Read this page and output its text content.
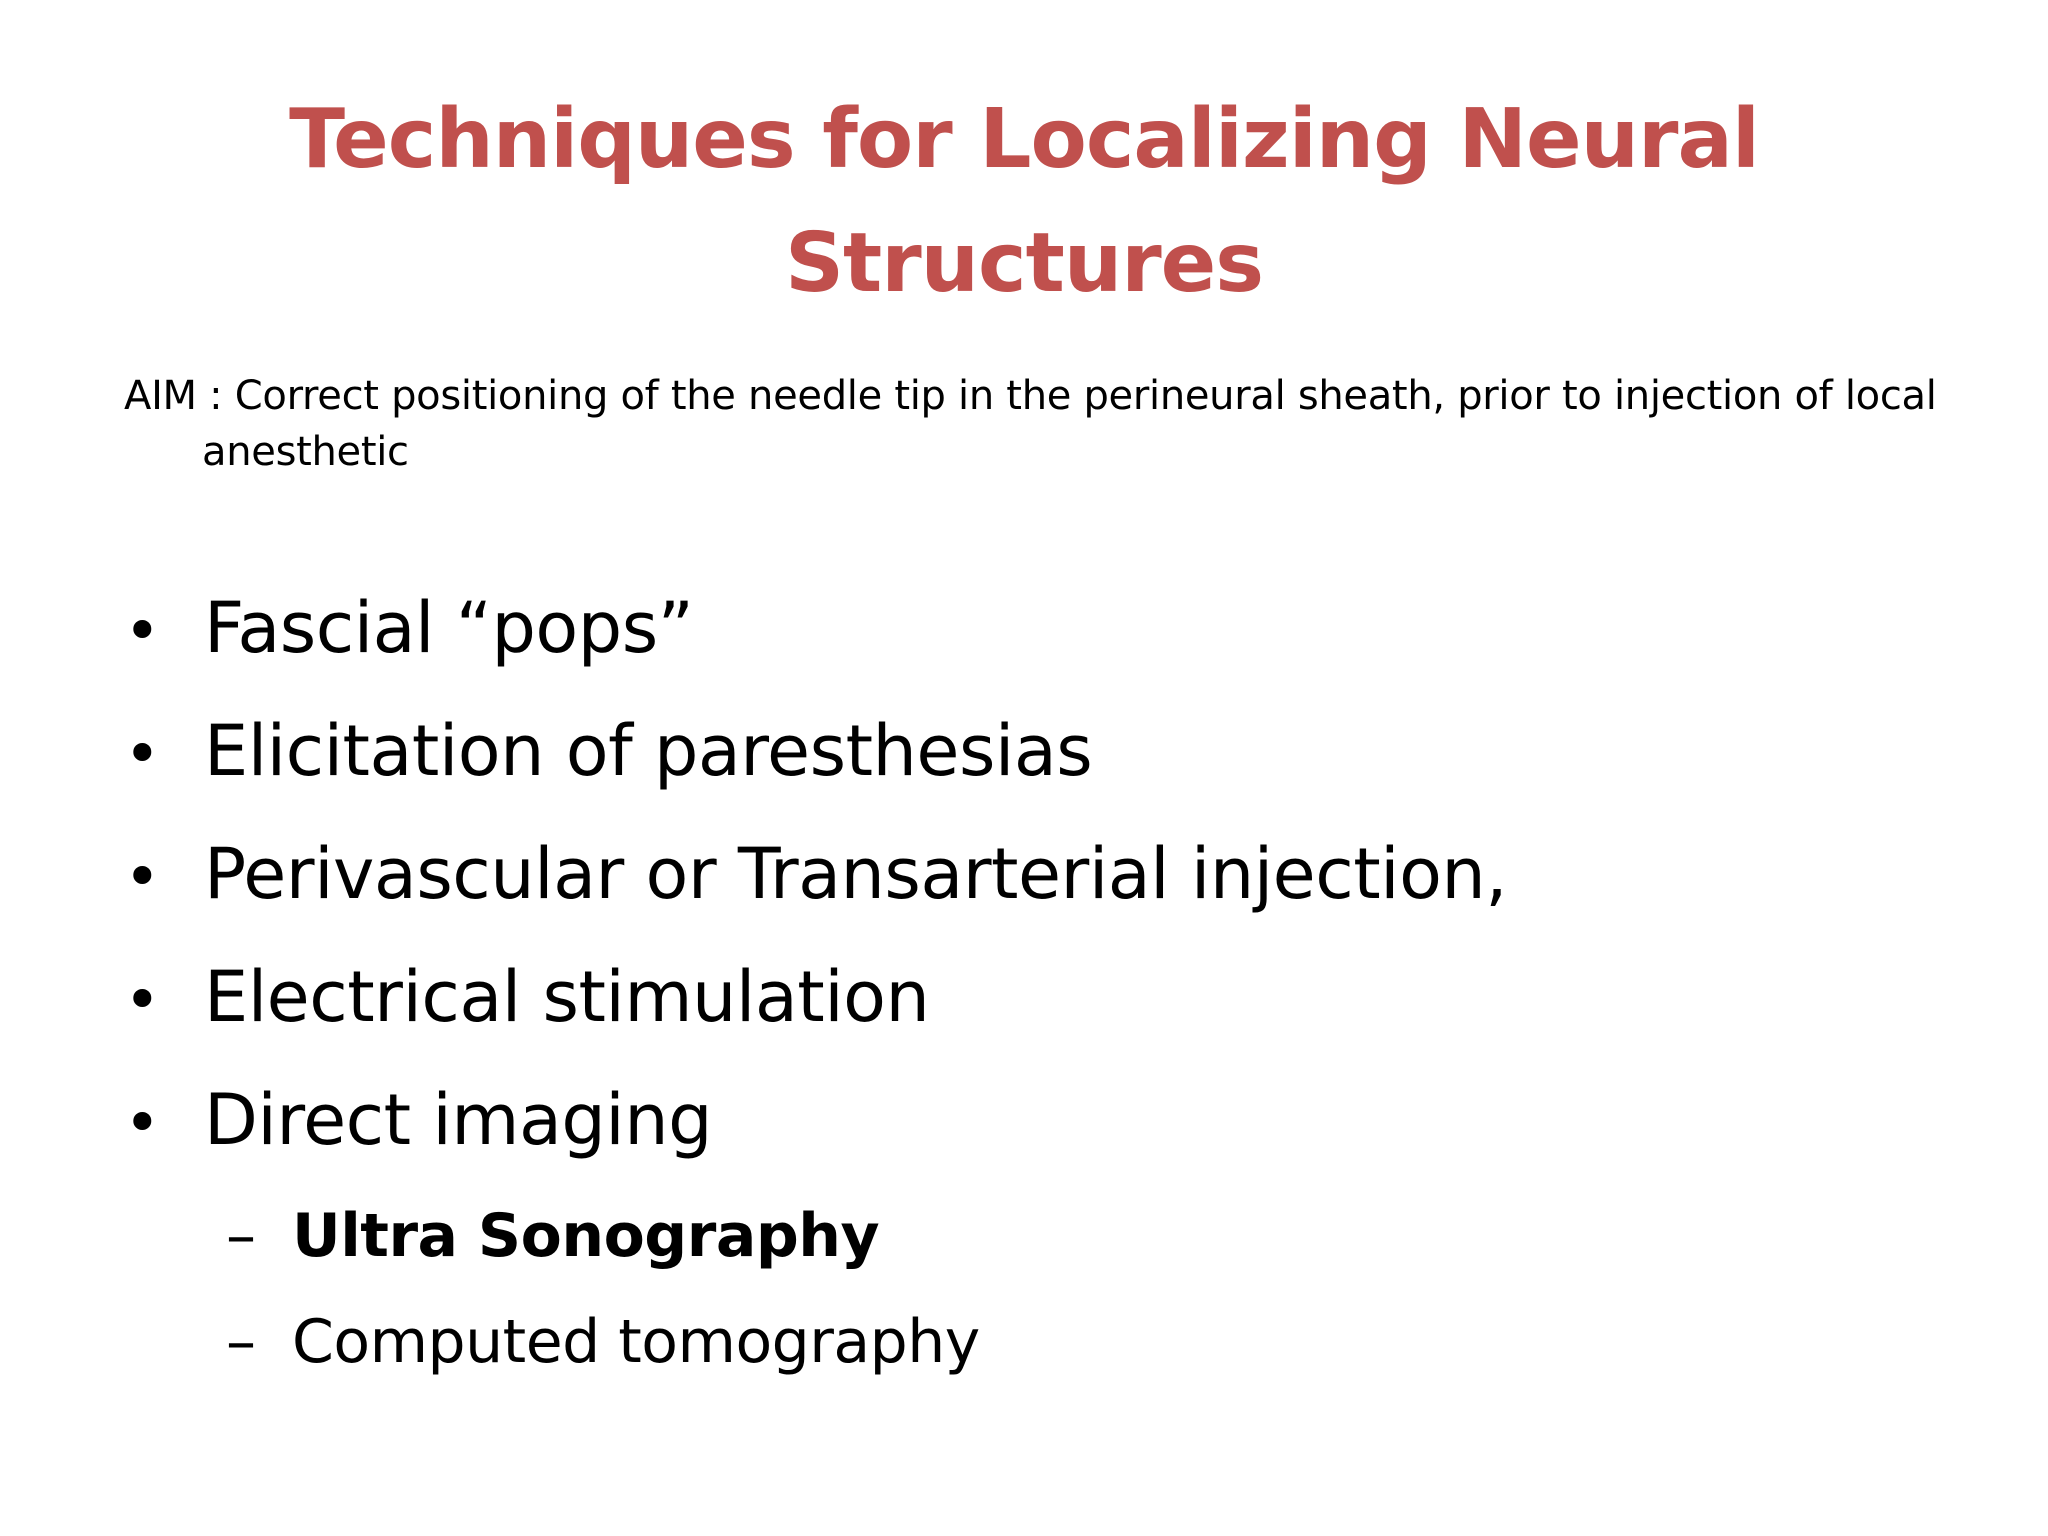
Techniques for Localizing Neural
Structures

AIM : Correct positioning of the needle tip in the perineural sheath, prior to injection of local anesthetic

• Fascial “pops”
• Elicitation of paresthesias
• Perivascular or Transarterial injection,
• Electrical stimulation
• Direct imaging
– Ultra Sonography
– Computed tomography
